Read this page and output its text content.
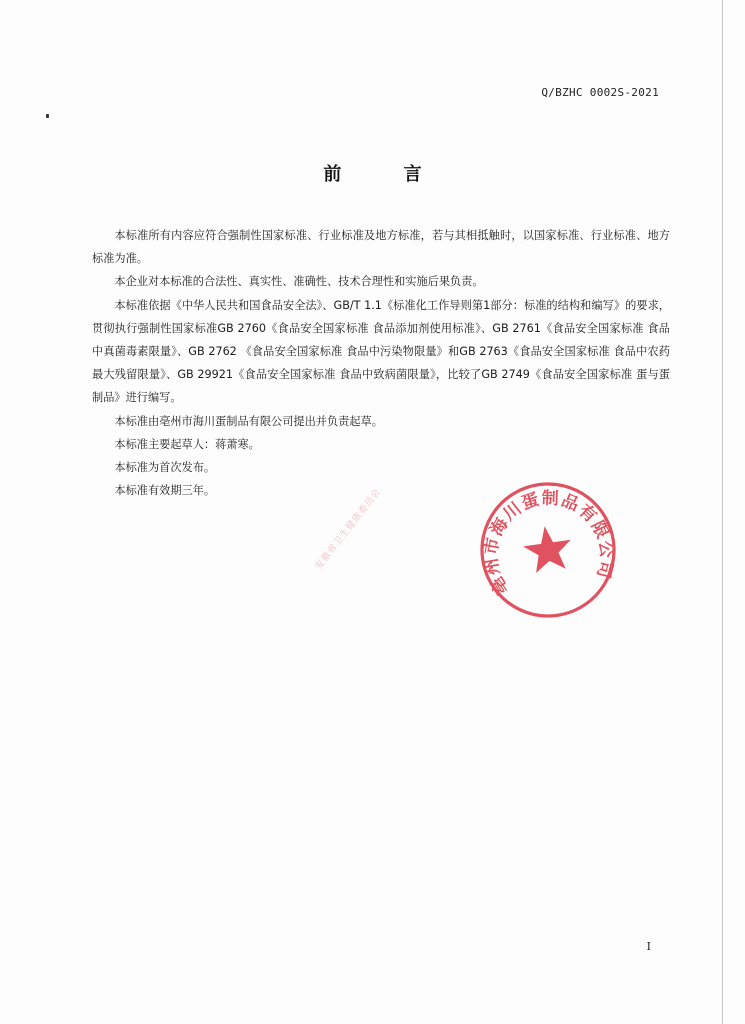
Q/BZHC 0002S-2021
前 言

本标准所有内容应符合强制性国家标准、行业标准及地方标准，若与其相抵触时，以国家标准、行业标准、地方标准为准。

本企业对本标准的合法性、真实性、准确性、技术合理性和实施后果负责。

本标准依据《中华人民共和国食品安全法》、GB/T 1.1《标准化工作导则第1部分：标准的结构和编写》的要求，贯彻执行强制性国家标准GB 2760《食品安全国家标准 食品添加剂使用标准》、GB 2761《食品安全国家标准 食品中真菌毒素限量》、GB 2762 《食品安全国家标准 食品中污染物限量》和GB 2763《食品安全国家标准 食品中农药最大残留限量》、GB 29921《食品安全国家标准 食品中致病菌限量》，比较了GB 2749《食品安全国家标准 蛋与蛋制品》进行编写。

本标准由亳州市海川蛋制品有限公司提出并负责起草。

本标准主要起草人：蒋萧寒。

本标准为首次发布。

本标准有效期三年。	安徽省卫生健康委员会
亳州市海川蛋制品有限公司
I
